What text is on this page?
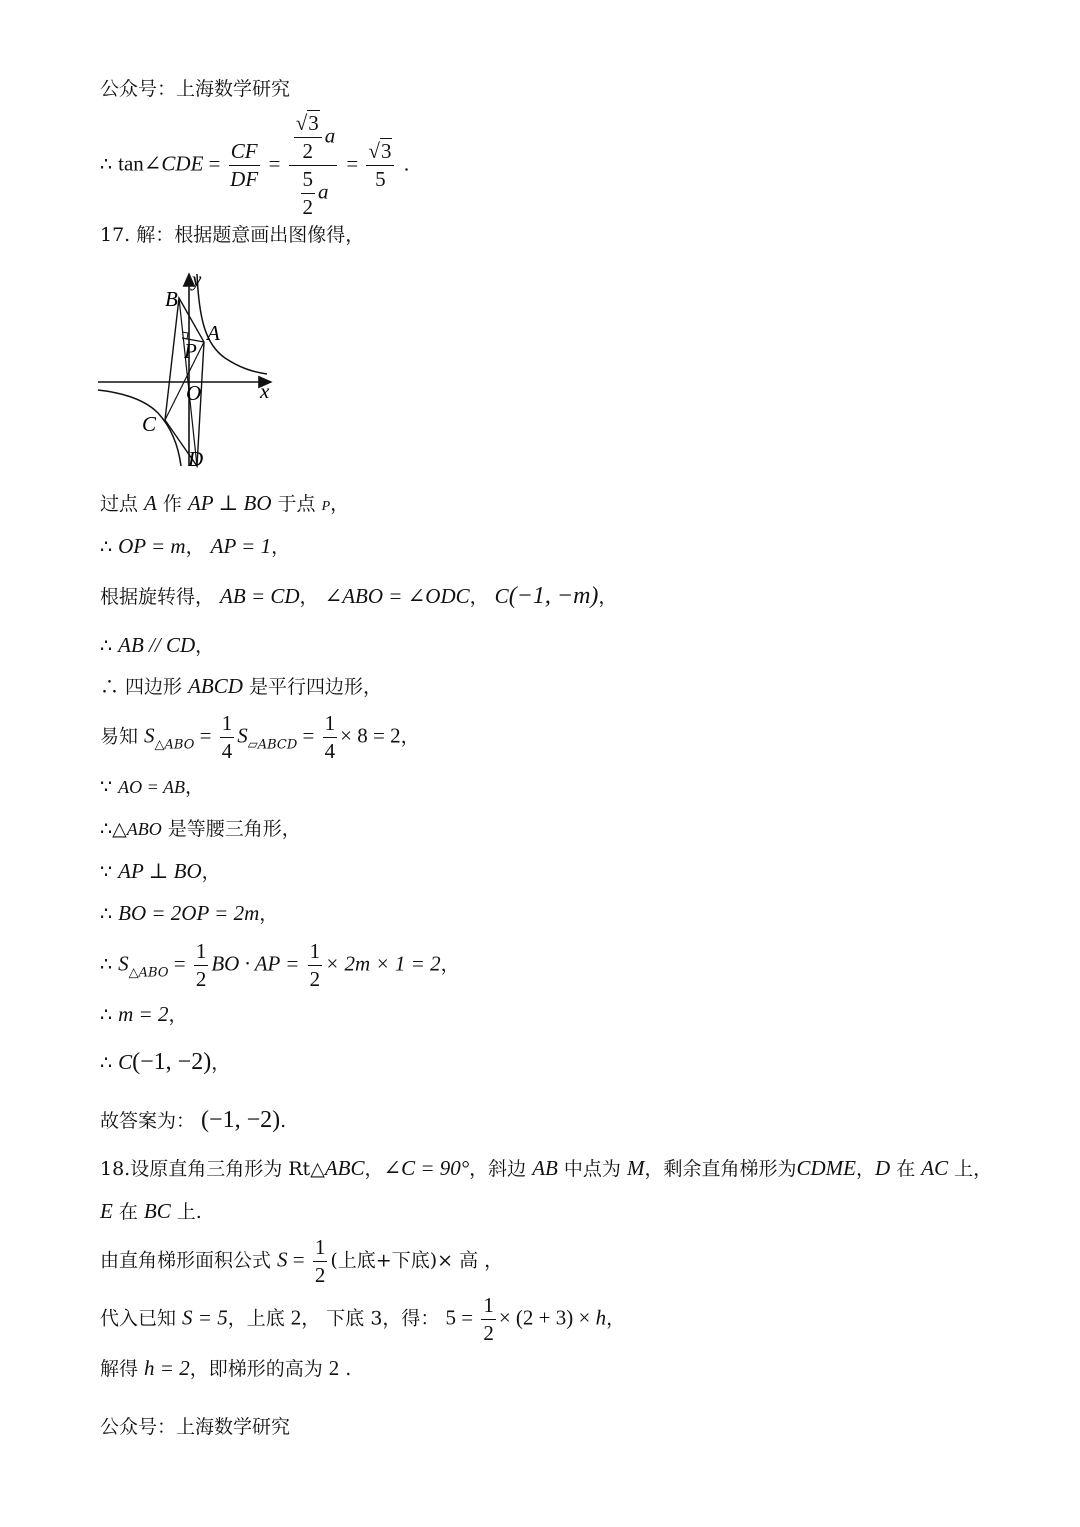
公众号：上海数学研究
∴ tan∠CDE = $\frac{CF}{DF} = \frac{\frac{√3}{2} a}{\frac{5}{2} a} = \frac{√3}{5}$ .
17. 解：根据题意画出图像得，
y
x
B
A
P
O
C
D
过点 A 作 AP ⊥ BO 于点 P，
∴ OP = m， AP = 1，
根据旋转得， AB = CD， ∠ABO = ∠ODC， C(−1, −m)，
∴ AB // CD，
∴ 四边形 ABCD 是平行四边形，
易知 $S_{\triangle ABO} = \frac{1}{4} S_{▱ABCD} = \frac{1}{4} \times 8 = 2$，
∵ AO = AB，
∴△ABO 是等腰三角形，
∵ AP ⊥ BO，
∴ BO = 2OP = 2m，
∴ $S_{\triangle ABO} = \frac{1}{2}$ BO · AP = $\frac{1}{2} \times 2m \times 1 = 2$，
∴ m = 2，
∴ C(−1, −2)，
故答案为： (−1, −2).
18.设原直角三角形为 Rt△ABC，∠C = 90°，斜边 AB 中点为 M，剩余直角梯形为CDME，D 在 AC 上，
E 在 BC 上.
由直角梯形面积公式 $S = \frac{1}{2}$ (上底+下底)× 高 ，
代入已知 S = 5，上底 2， 下底 3，得： $5 = \frac{1}{2} \times (2 + 3) \times h$，
解得 h = 2，即梯形的高为 2 .
公众号：上海数学研究
